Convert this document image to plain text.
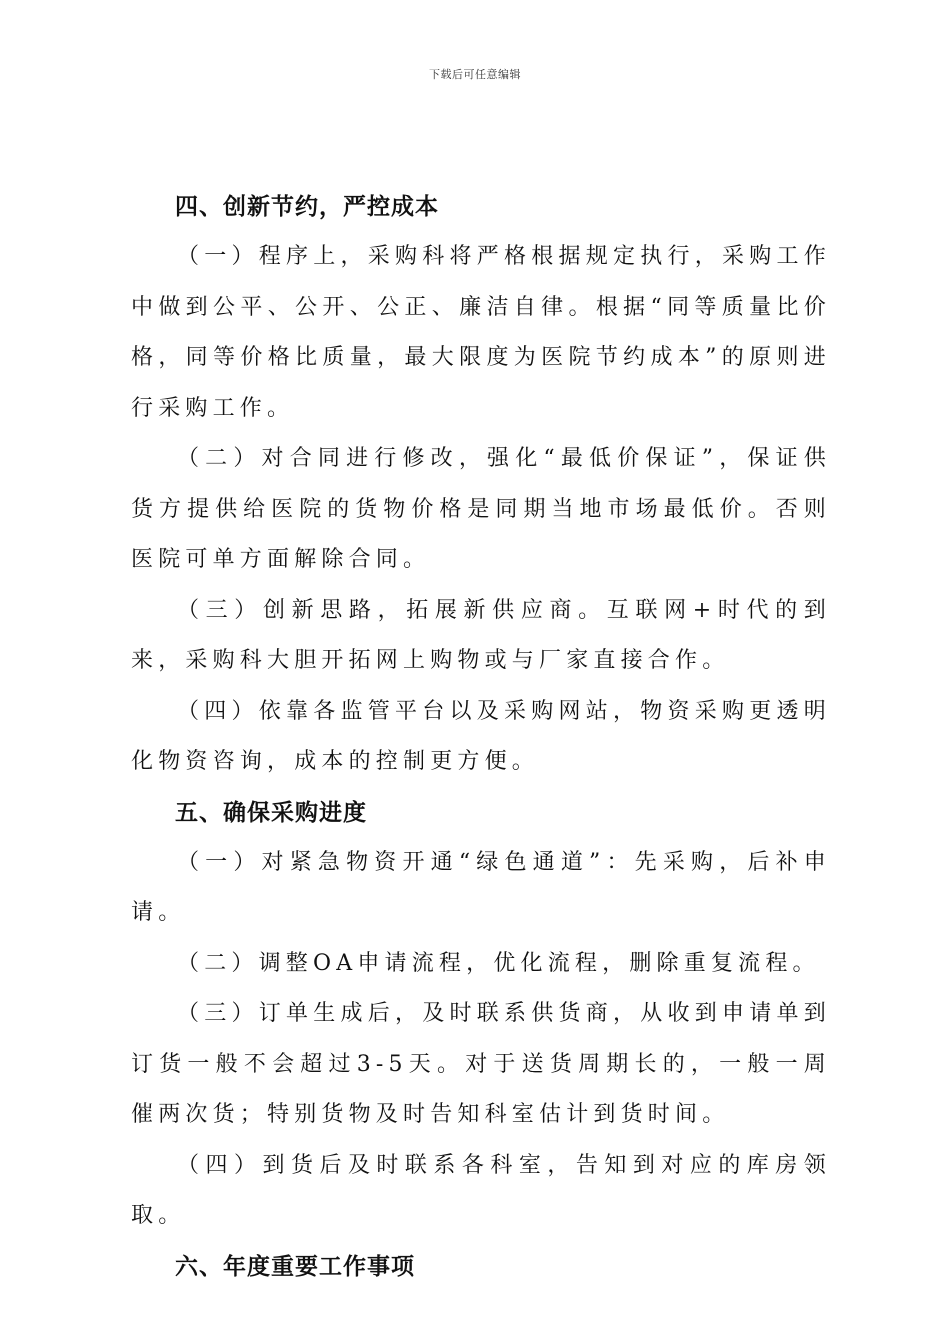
下载后可任意编辑
四、创新节约，严控成本

（一）程序上，采购科将严格根据规定执行，采购工作中做到公平、公开、公正、廉洁自律。根据“同等质量比价格，同等价格比质量，最大限度为医院节约成本”的原则进行采购工作。

（二）对合同进行修改，强化“最低价保证”，保证供货方提供给医院的货物价格是同期当地市场最低价。否则医院可单方面解除合同。

（三）创新思路，拓展新供应商。互联网+时代的到来，采购科大胆开拓网上购物或与厂家直接合作。

（四）依靠各监管平台以及采购网站，物资采购更透明化物资咨询，成本的控制更方便。

五、确保采购进度

（一）对紧急物资开通“绿色通道”：先采购，后补申请。

（二）调整OA申请流程，优化流程，删除重复流程。

（三）订单生成后，及时联系供货商，从收到申请单到订货一般不会超过3-5天。对于送货周期长的，一般一周催两次货；特别货物及时告知科室估计到货时间。

（四）到货后及时联系各科室，告知到对应的库房领取。

六、年度重要工作事项
